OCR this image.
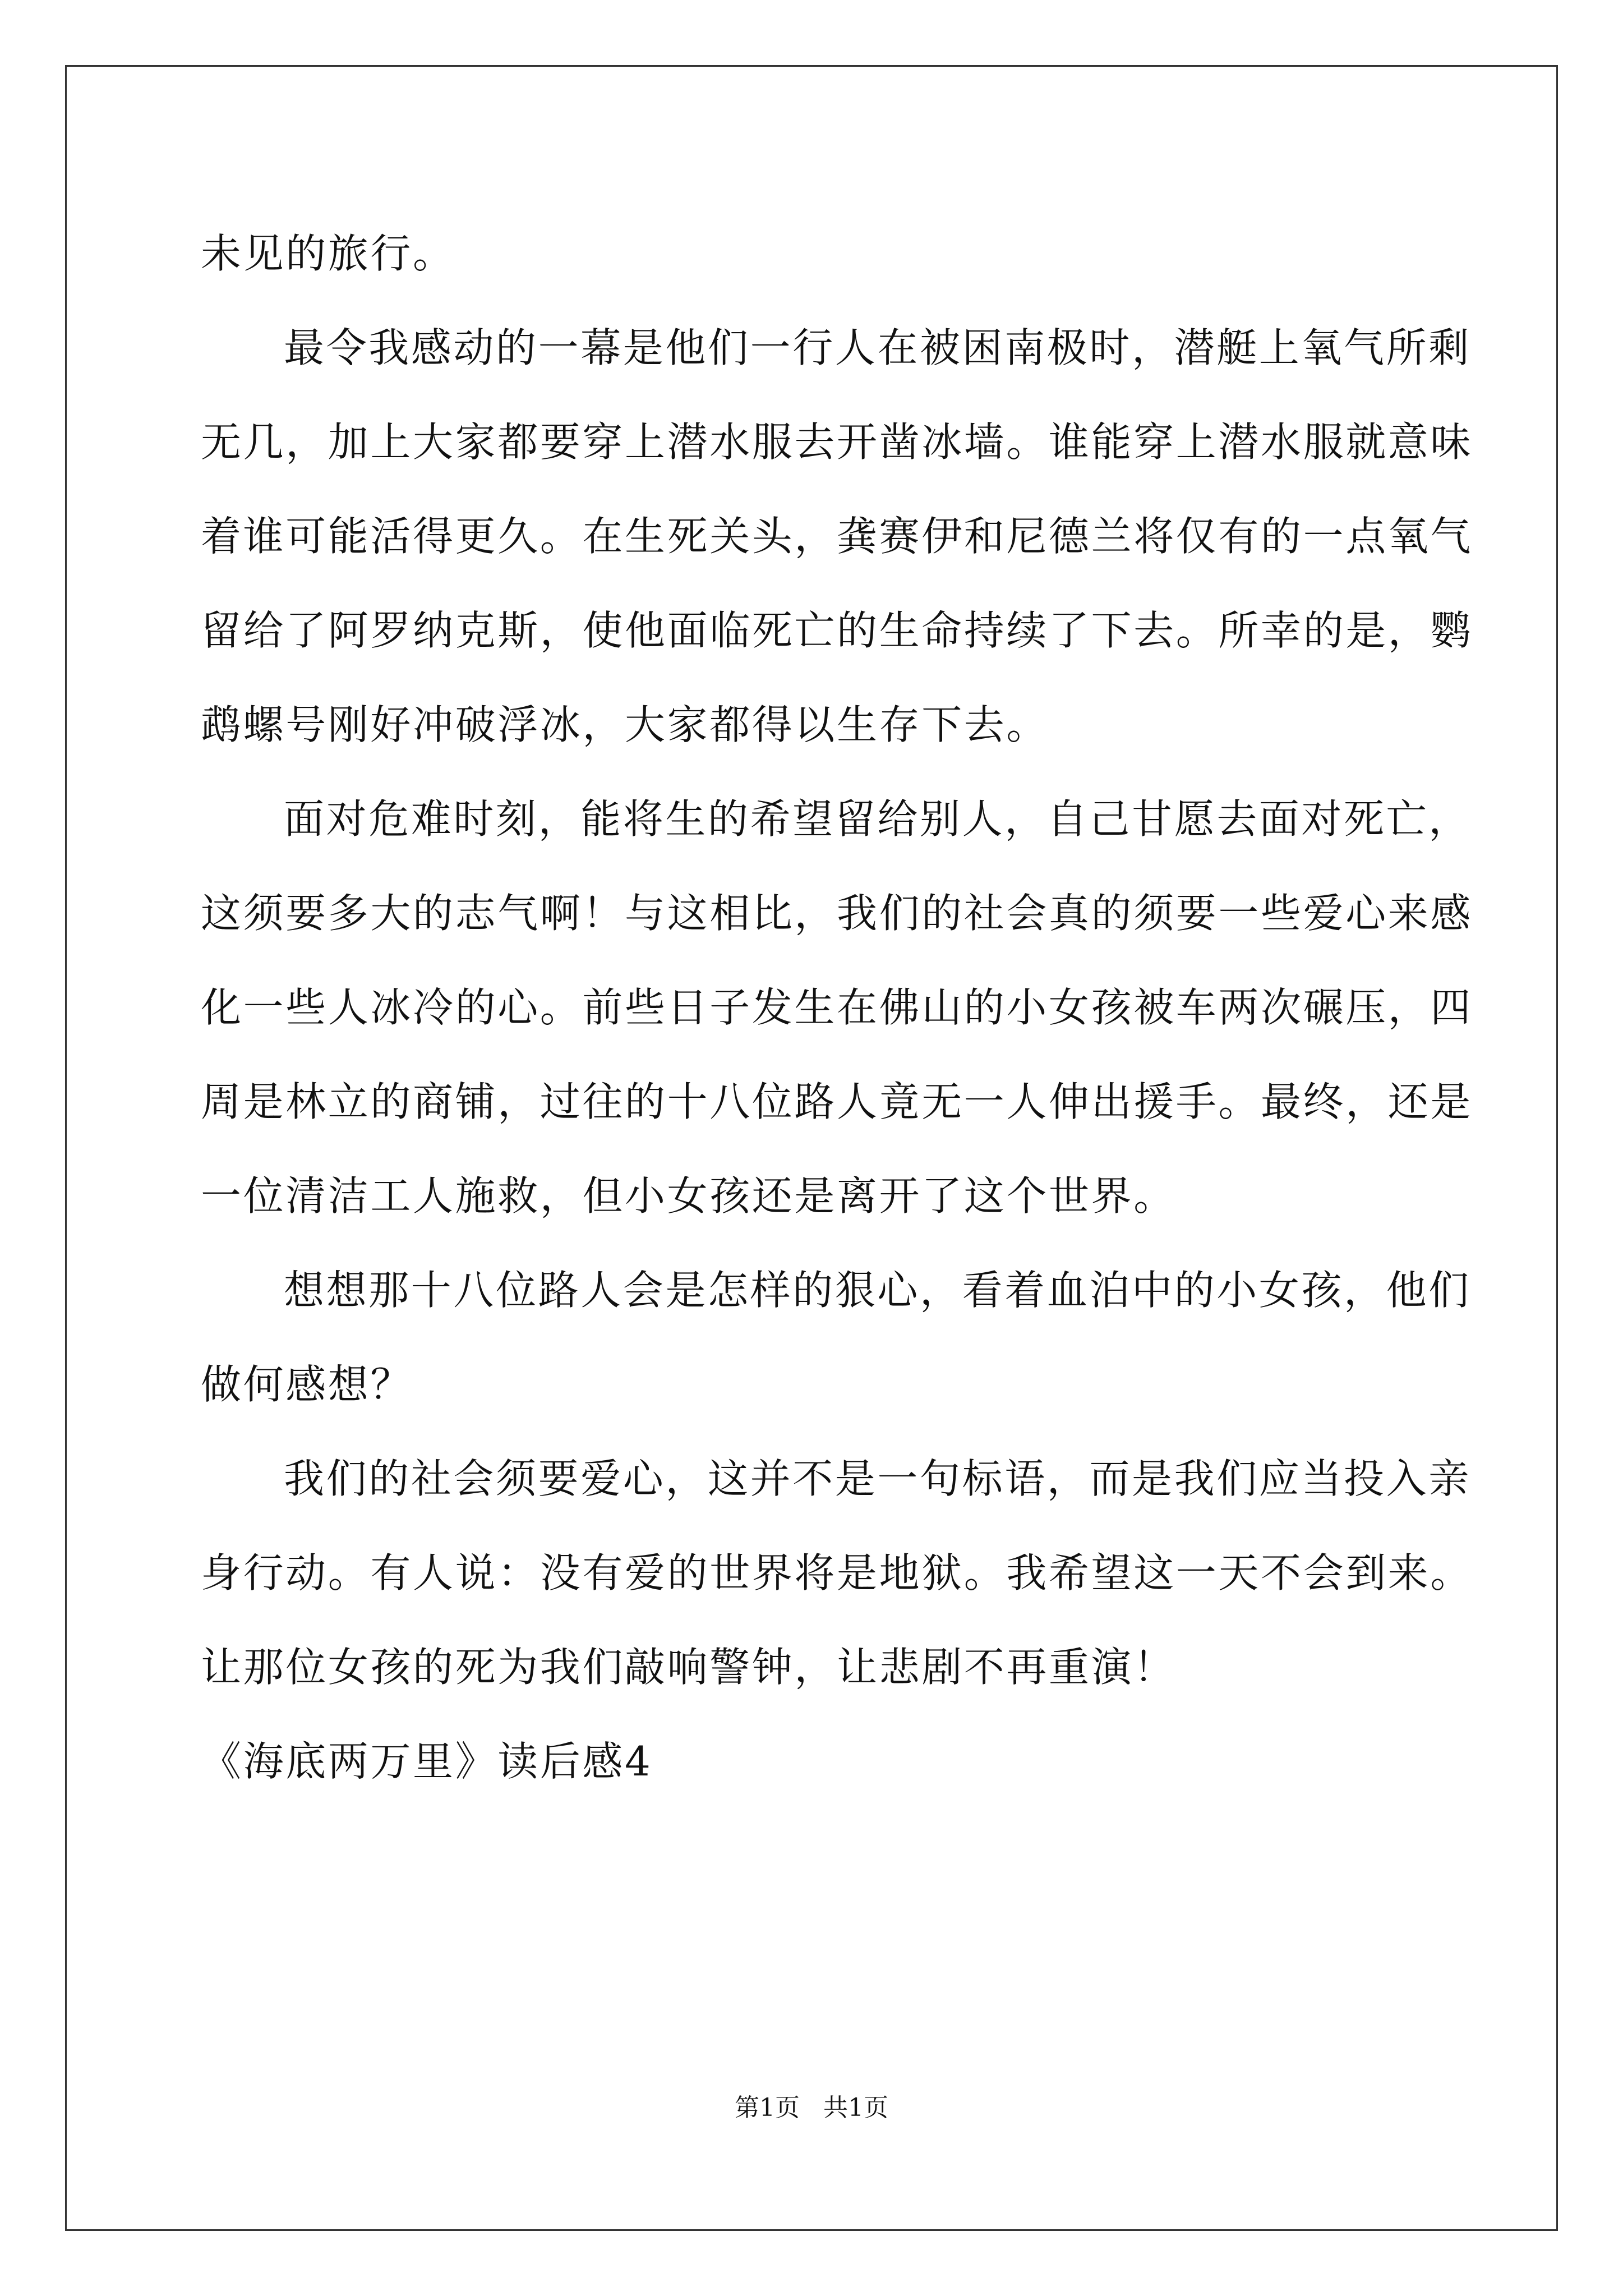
未见的旅行。
最令我感动的一幕是他们一行人在被困南极时，潜艇上氧气所剩
无几，加上大家都要穿上潜水服去开凿冰墙。谁能穿上潜水服就意味
着谁可能活得更久。在生死关头，龚赛伊和尼德兰将仅有的一点氧气
留给了阿罗纳克斯，使他面临死亡的生命持续了下去。所幸的是，鹦
鹉螺号刚好冲破浮冰，大家都得以生存下去。
面对危难时刻，能将生的希望留给别人，自己甘愿去面对死亡，
这须要多大的志气啊！与这相比，我们的社会真的须要一些爱心来感
化一些人冰冷的心。前些日子发生在佛山的小女孩被车两次碾压，四
周是林立的商铺，过往的十八位路人竟无一人伸出援手。最终，还是
一位清洁工人施救，但小女孩还是离开了这个世界。
想想那十八位路人会是怎样的狠心，看着血泊中的小女孩，他们
做何感想？
我们的社会须要爱心，这并不是一句标语，而是我们应当投入亲
身行动。有人说：没有爱的世界将是地狱。我希望这一天不会到来。
让那位女孩的死为我们敲响警钟，让悲剧不再重演！
《海底两万里》读后感4
第1页   共1页
